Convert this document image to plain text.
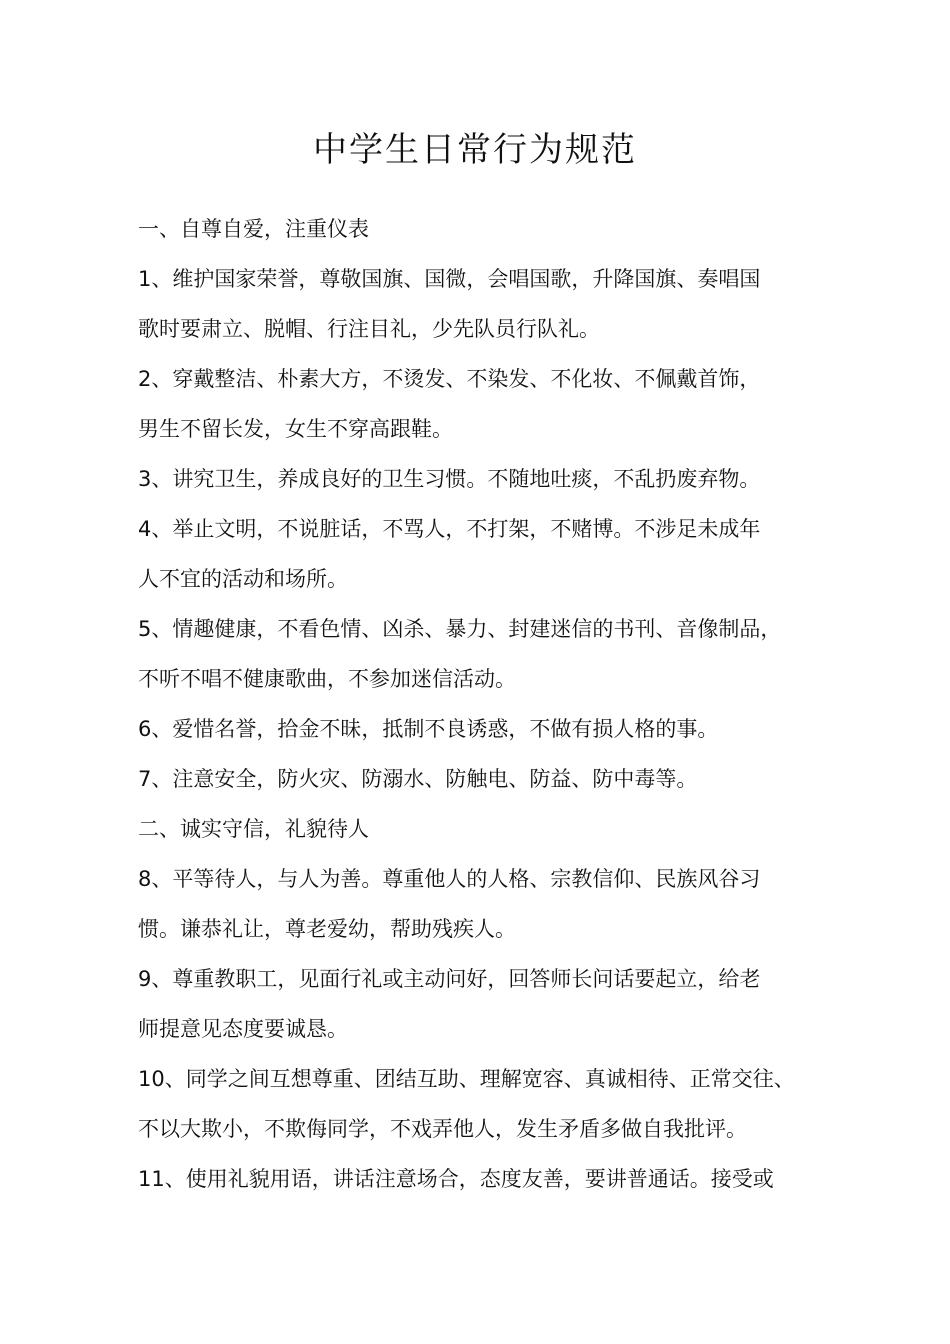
中学生日常行为规范
一、自尊自爱，注重仪表
1、维护国家荣誉，尊敬国旗、国微，会唱国歌，升降国旗、奏唱国
歌时要肃立、脱帽、行注目礼，少先队员行队礼。
2、穿戴整洁、朴素大方，不烫发、不染发、不化妆、不佩戴首饰，
男生不留长发，女生不穿高跟鞋。
3、讲究卫生，养成良好的卫生习惯。不随地吐痰，不乱扔废弃物。
4、举止文明，不说脏话，不骂人，不打架，不赌博。不涉足未成年
人不宜的活动和场所。
5、情趣健康，不看色情、凶杀、暴力、封建迷信的书刊、音像制品，
不听不唱不健康歌曲，不参加迷信活动。
6、爱惜名誉，拾金不昧，抵制不良诱惑，不做有损人格的事。
7、注意安全，防火灾、防溺水、防触电、防益、防中毒等。
二、诚实守信，礼貌待人
8、平等待人，与人为善。尊重他人的人格、宗教信仰、民族风谷习
惯。谦恭礼让，尊老爱幼，帮助残疾人。
9、尊重教职工，见面行礼或主动问好，回答师长问话要起立，给老
师提意见态度要诚恳。
10、同学之间互想尊重、团结互助、理解宽容、真诚相待、正常交往、
不以大欺小，不欺侮同学，不戏弄他人，发生矛盾多做自我批评。
11、使用礼貌用语，讲话注意场合，态度友善，要讲普通话。接受或
